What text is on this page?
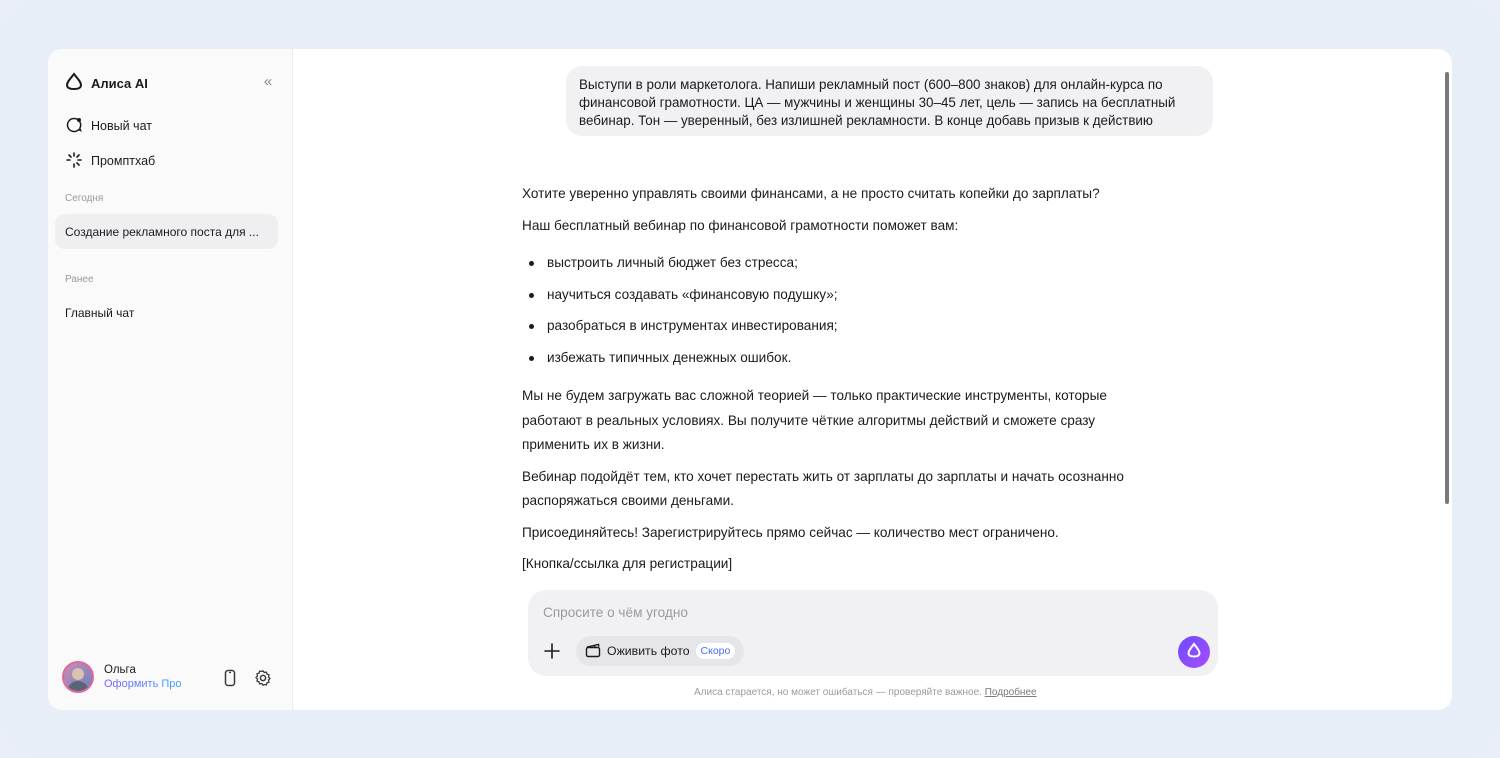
Алиса AI	«
Новый чат
Промптхаб
Сегодня
Создание рекламного поста для ...
Ранее
Главный чат
Ольга
Оформить Про
Выступи в роли маркетолога. Напиши рекламный пост (600–800 знаков) для онлайн-курса по финансовой грамотности. ЦА — мужчины и женщины 30–45 лет, цель — запись на бесплатный вебинар. Тон — уверенный, без излишней рекламности. В конце добавь призыв к действию

Хотите уверенно управлять своими финансами, а не просто считать копейки до зарплаты?

Наш бесплатный вебинар по финансовой грамотности поможет вам:

выстроить личный бюджет без стресса;
научиться создавать «финансовую подушку»;
разобраться в инструментах инвестирования;
избежать типичных денежных ошибок.

Мы не будем загружать вас сложной теорией — только практические инструменты, которые работают в реальных условиях. Вы получите чёткие алгоритмы действий и сможете сразу применить их в жизни.

Вебинар подойдёт тем, кто хочет перестать жить от зарплаты до зарплаты и начать осознанно распоряжаться своими деньгами.

Присоединяйтесь! Зарегистрируйтесь прямо сейчас — количество мест ограничено.

[Кнопка/ссылка для регистрации]

Спросите о чём угодно
Оживить фото	Скоро
Алиса старается, но может ошибаться — проверяйте важное. Подробнее
